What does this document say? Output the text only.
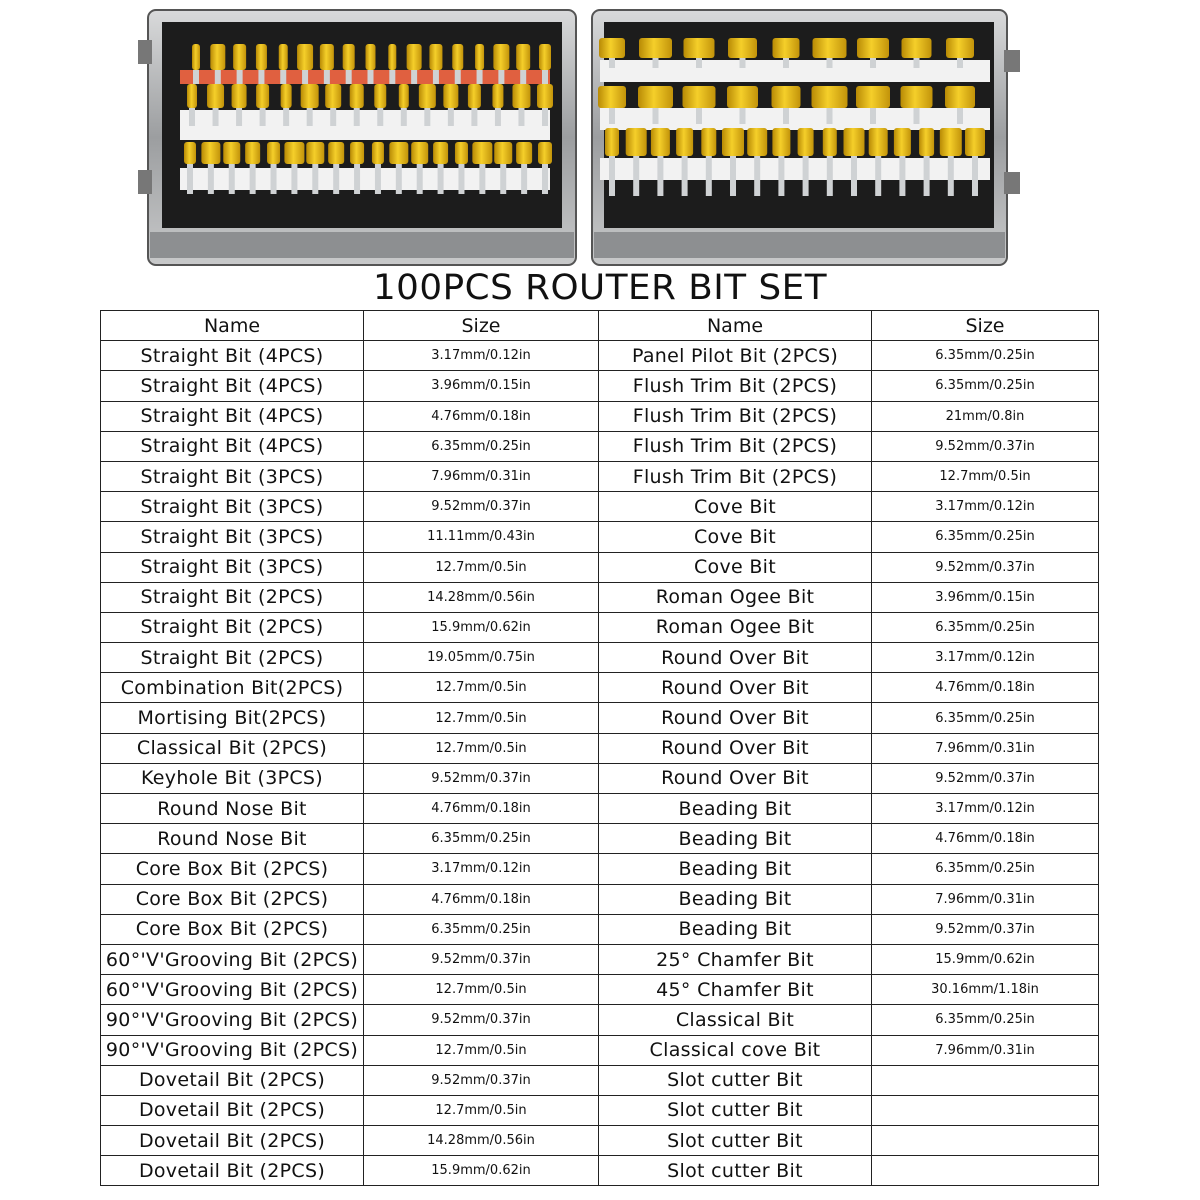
100PCS ROUTER BIT SET
Name	Size	Name	Size
Straight Bit (4PCS)	3.17mm/0.12in	Panel Pilot Bit (2PCS)	6.35mm/0.25in
Straight Bit (4PCS)	3.96mm/0.15in	Flush Trim Bit (2PCS)	6.35mm/0.25in
Straight Bit (4PCS)	4.76mm/0.18in	Flush Trim Bit (2PCS)	21mm/0.8in
Straight Bit (4PCS)	6.35mm/0.25in	Flush Trim Bit (2PCS)	9.52mm/0.37in
Straight Bit (3PCS)	7.96mm/0.31in	Flush Trim Bit (2PCS)	12.7mm/0.5in
Straight Bit (3PCS)	9.52mm/0.37in	Cove Bit	3.17mm/0.12in
Straight Bit (3PCS)	11.11mm/0.43in	Cove Bit	6.35mm/0.25in
Straight Bit (3PCS)	12.7mm/0.5in	Cove Bit	9.52mm/0.37in
Straight Bit (2PCS)	14.28mm/0.56in	Roman Ogee Bit	3.96mm/0.15in
Straight Bit (2PCS)	15.9mm/0.62in	Roman Ogee Bit	6.35mm/0.25in
Straight Bit (2PCS)	19.05mm/0.75in	Round Over Bit	3.17mm/0.12in
Combination Bit(2PCS)	12.7mm/0.5in	Round Over Bit	4.76mm/0.18in
Mortising Bit(2PCS)	12.7mm/0.5in	Round Over Bit	6.35mm/0.25in
Classical Bit (2PCS)	12.7mm/0.5in	Round Over Bit	7.96mm/0.31in
Keyhole Bit (3PCS)	9.52mm/0.37in	Round Over Bit	9.52mm/0.37in
Round Nose Bit	4.76mm/0.18in	Beading Bit	3.17mm/0.12in
Round Nose Bit	6.35mm/0.25in	Beading Bit	4.76mm/0.18in
Core Box Bit (2PCS)	3.17mm/0.12in	Beading Bit	6.35mm/0.25in
Core Box Bit (2PCS)	4.76mm/0.18in	Beading Bit	7.96mm/0.31in
Core Box Bit (2PCS)	6.35mm/0.25in	Beading Bit	9.52mm/0.37in
60°'V'Grooving Bit (2PCS)	9.52mm/0.37in	25° Chamfer Bit	15.9mm/0.62in
60°'V'Grooving Bit (2PCS)	12.7mm/0.5in	45° Chamfer Bit	30.16mm/1.18in
90°'V'Grooving Bit (2PCS)	9.52mm/0.37in	Classical Bit	6.35mm/0.25in
90°'V'Grooving Bit (2PCS)	12.7mm/0.5in	Classical cove Bit	7.96mm/0.31in
Dovetail Bit (2PCS)	9.52mm/0.37in	Slot cutter Bit	
Dovetail Bit (2PCS)	12.7mm/0.5in	Slot cutter Bit	
Dovetail Bit (2PCS)	14.28mm/0.56in	Slot cutter Bit	
Dovetail Bit (2PCS)	15.9mm/0.62in	Slot cutter Bit	
